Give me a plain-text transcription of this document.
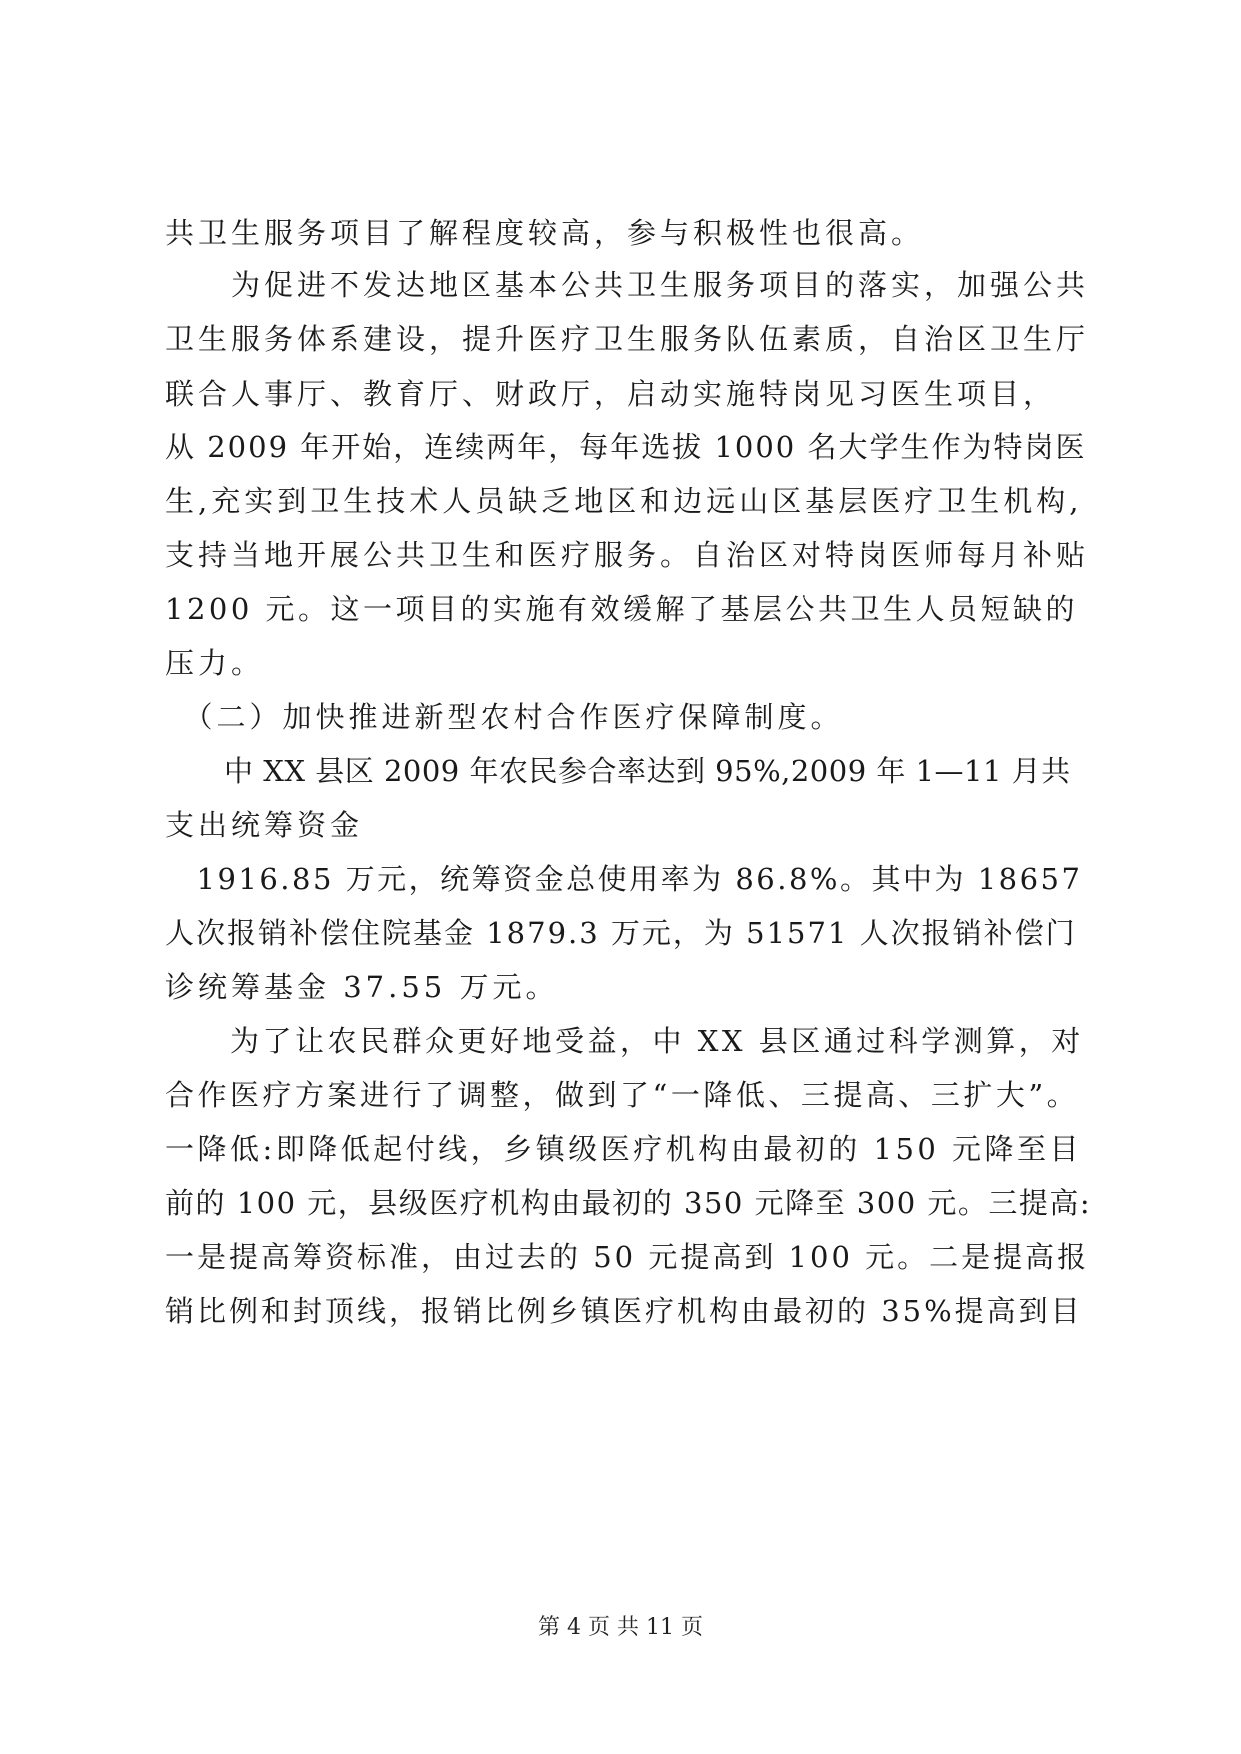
共卫生服务项目了解程度较高，参与积极性也很高。

　　为促进不发达地区基本公共卫生服务项目的落实，加强公共

卫生服务体系建设，提升医疗卫生服务队伍素质，自治区卫生厅

联合人事厅、教育厅、财政厅，启动实施特岗见习医生项目，

从 2009 年开始，连续两年，每年选拔 1000 名大学生作为特岗医

生,充实到卫生技术人员缺乏地区和边远山区基层医疗卫生机构,

支持当地开展公共卫生和医疗服务。自治区对特岗医师每月补贴

1200 元。这一项目的实施有效缓解了基层公共卫生人员短缺的

压力。

　（二）加快推进新型农村合作医疗保障制度。

　　中 XX 县区 2009 年农民参合率达到 95%,2009 年 1—11 月共

支出统筹资金

　1916.85 万元，统筹资金总使用率为 86.8%。其中为 18657

人次报销补偿住院基金 1879.3 万元，为 51571 人次报销补偿门

诊统筹基金 37.55 万元。

　　为了让农民群众更好地受益，中 XX 县区通过科学测算，对

合作医疗方案进行了调整，做到了“一降低、三提高、三扩大”。

一降低:即降低起付线，乡镇级医疗机构由最初的 150 元降至目

前的 100 元，县级医疗机构由最初的 350 元降至 300 元。三提高:

一是提高筹资标准，由过去的 50 元提高到 100 元。二是提高报

销比例和封顶线，报销比例乡镇医疗机构由最初的 35%提高到目

第 4 页 共 11 页
